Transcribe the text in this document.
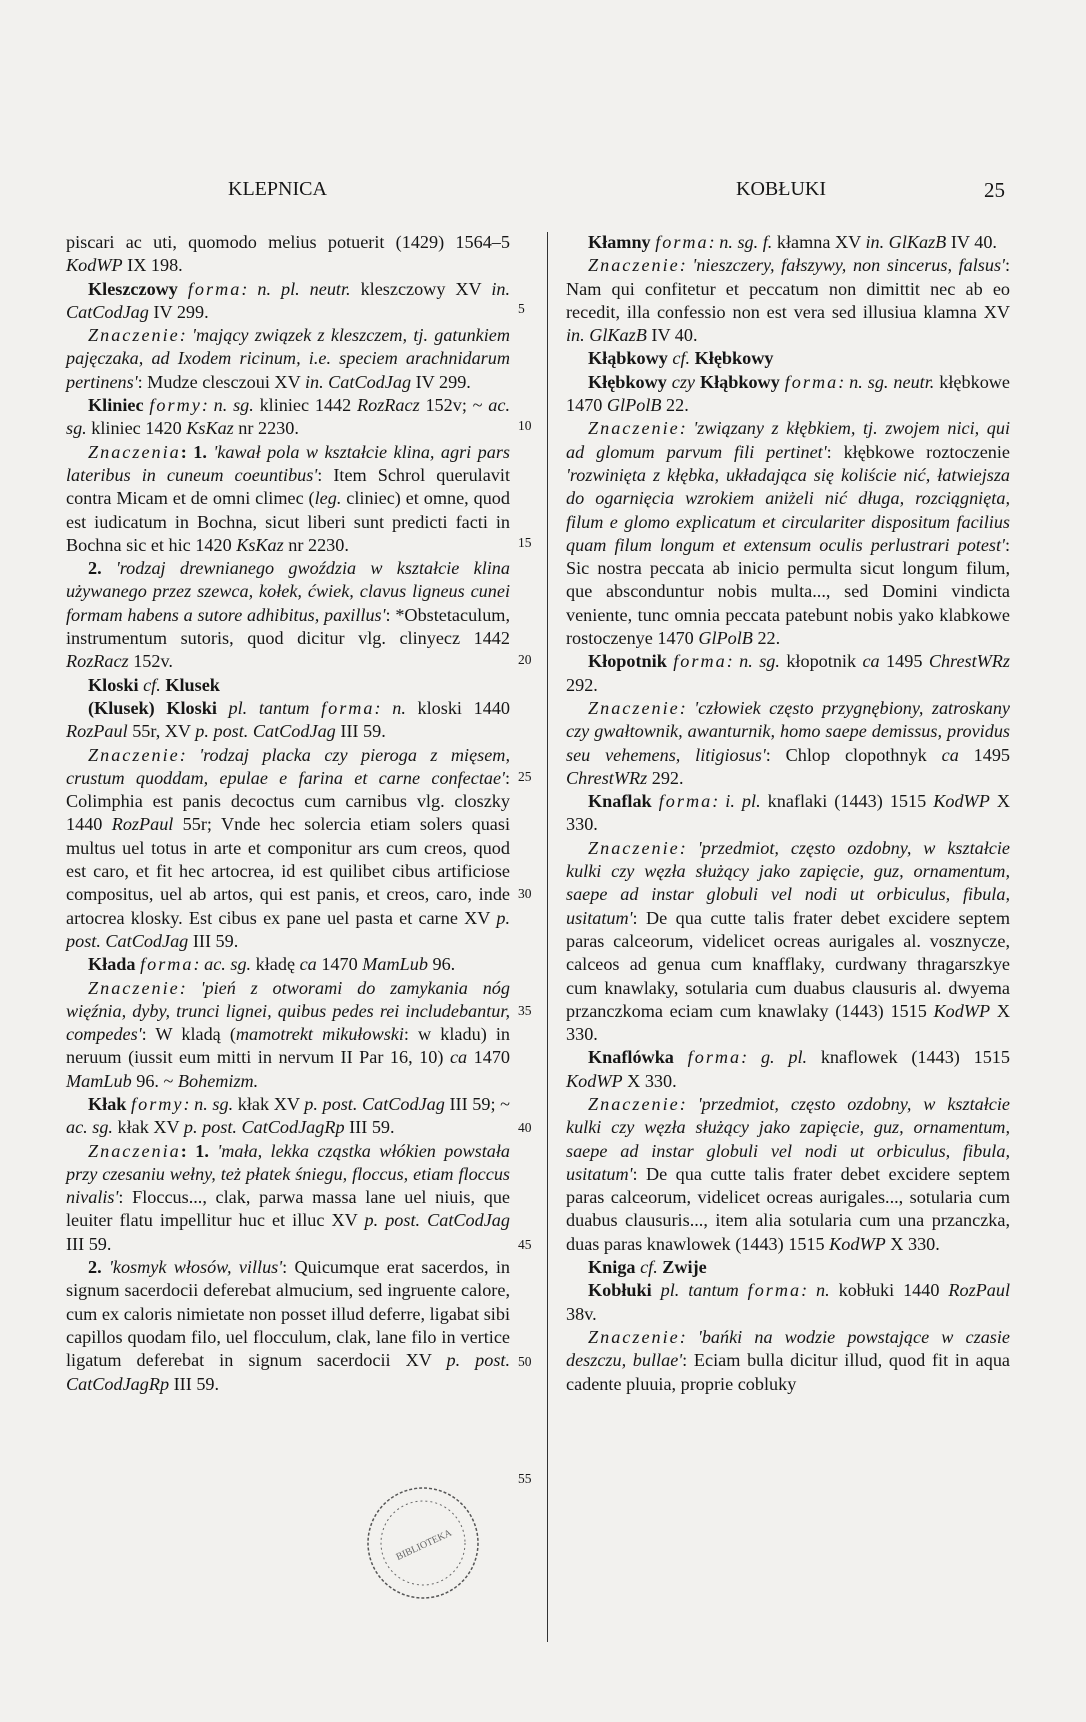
KLEPNICA	KOBŁUKI	25

piscari ac uti, quomodo melius potuerit (1429) 1564–5 KodWP IX 198.

Kleszczowy forma: n. pl. neutr. kleszczowy XV in. CatCodJag IV 299.

Znaczenie: 'mający związek z kleszczem, tj. gatunkiem pajęczaka, ad Ixodem ricinum, i.e. speciem arachnidarum pertinens': Mudze clesczoui XV in. CatCodJag IV 299.

Kliniec formy: n. sg. kliniec 1442 RozRacz 152v; ~ ac. sg. kliniec 1420 KsKaz nr 2230.

Znaczenia: 1. 'kawał pola w kształcie klina, agri pars lateribus in cuneum coeuntibus': Item Schrol querulavit contra Micam et de omni climec (leg. cliniec) et omne, quod est iudicatum in Bochna, sicut liberi sunt predicti facti in Bochna sic et hic 1420 KsKaz nr 2230.

2. 'rodzaj drewnianego gwoździa w kształcie klina używanego przez szewca, kołek, ćwiek, clavus ligneus cunei formam habens a sutore adhibitus, paxillus': *Obstetaculum, instrumentum sutoris, quod dicitur vlg. clinyecz 1442 RozRacz 152v.

Kloski cf. Klusek

(Klusek) Kloski pl. tantum forma: n. kloski 1440 RozPaul 55r, XV p. post. CatCodJag III 59.

Znaczenie: 'rodzaj placka czy pieroga z mięsem, crustum quoddam, epulae e farina et carne confectae': Colimphia est panis decoctus cum carnibus vlg. closzky 1440 RozPaul 55r; Vnde hec solercia etiam solers quasi multus uel totus in arte et componitur ars cum creos, quod est caro, et fit hec artocrea, id est quilibet cibus artificiose compositus, uel ab artos, qui est panis, et creos, caro, inde artocrea klosky. Est cibus ex pane uel pasta et carne XV p. post. CatCodJag III 59.

Kłada forma: ac. sg. kładę ca 1470 MamLub 96.

Znaczenie: 'pień z otworami do zamykania nóg więźnia, dyby, trunci lignei, quibus pedes rei includebantur, compedes': W kladą (mamotrekt mikułowski: w kladu) in neruum (iussit eum mitti in nervum II Par 16, 10) ca 1470 MamLub 96. ~ Bohemizm.

Kłak formy: n. sg. kłak XV p. post. CatCodJag III 59; ~ ac. sg. kłak XV p. post. CatCodJagRp III 59.

Znaczenia: 1. 'mała, lekka cząstka włókien powstała przy czesaniu wełny, też płatek śniegu, floccus, etiam floccus nivalis': Floccus..., clak, parwa massa lane uel niuis, que leuiter flatu impellitur huc et illuc XV p. post. CatCodJag III 59.

2. 'kosmyk włosów, villus': Quicumque erat sacerdos, in signum sacerdocii deferebat almucium, sed ingruente calore, cum ex caloris nimietate non posset illud deferre, ligabat sibi capillos quodam filo, uel flocculum, clak, lane filo in vertice ligatum deferebat in signum sacerdocii XV p. post. CatCodJagRp III 59.

5
10
15
20
25
30
35
40
45
50
55

Kłamny forma: n. sg. f. kłamna XV in. GlKazB IV 40.

Znaczenie: 'nieszczery, fałszywy, non sincerus, falsus': Nam qui confitetur et peccatum non dimittit nec ab eo recedit, illa confessio non est vera sed illusiua klamna XV in. GlKazB IV 40.

Kłąbkowy cf. Kłębkowy

Kłębkowy czy Kłąbkowy forma: n. sg. neutr. kłębkowe 1470 GlPolB 22.

Znaczenie: 'związany z kłębkiem, tj. zwojem nici, qui ad glomum parvum fili pertinet': kłębkowe roztoczenie 'rozwinięta z kłębka, układająca się koliście nić, łatwiejsza do ogarnięcia wzrokiem aniżeli nić długa, rozciągnięta, filum e glomo explicatum et circulariter dispositum facilius quam filum longum et extensum oculis perlustrari potest': Sic nostra peccata ab inicio permulta sicut longum filum, que absconduntur nobis multa..., sed Domini vindicta veniente, tunc omnia peccata patebunt nobis yako klabkowe rostoczenye 1470 GlPolB 22.

Kłopotnik forma: n. sg. kłopotnik ca 1495 ChrestWRz 292.

Znaczenie: 'człowiek często przygnębiony, zatroskany czy gwałtownik, awanturnik, homo saepe demissus, providus seu vehemens, litigiosus': Chlop clopothnyk ca 1495 ChrestWRz 292.

Knaflak forma: i. pl. knaflaki (1443) 1515 KodWP X 330.

Znaczenie: 'przedmiot, często ozdobny, w kształcie kulki czy węzła służący jako zapięcie, guz, ornamentum, saepe ad instar globuli vel nodi ut orbiculus, fibula, usitatum': De qua cutte talis frater debet excidere septem paras calceorum, videlicet ocreas aurigales al. vosznycze, calceos ad genua cum knafflaky, curdwany thragarszkye cum knawlaky, sotularia cum duabus clausuris al. dwyema przanczkoma eciam cum knawlaky (1443) 1515 KodWP X 330.

Knaflówka forma: g. pl. knaflowek (1443) 1515 KodWP X 330.

Znaczenie: 'przedmiot, często ozdobny, w kształcie kulki czy węzła służący jako zapięcie, guz, ornamentum, saepe ad instar globuli vel nodi ut orbiculus, fibula, usitatum': De qua cutte talis frater debet excidere septem paras calceorum, videlicet ocreas aurigales..., sotularia cum duabus clausuris..., item alia sotularia cum una przanczka, duas paras knawlowek (1443) 1515 KodWP X 330.

Kniga cf. Zwije

Kobłuki pl. tantum forma: n. kobłuki 1440 RozPaul 38v.

Znaczenie: 'bańki na wodzie powstające w czasie deszczu, bullae': Eciam bulla dicitur illud, quod fit in aqua cadente pluuia, proprie cobluky

BIBLIOTEKA
